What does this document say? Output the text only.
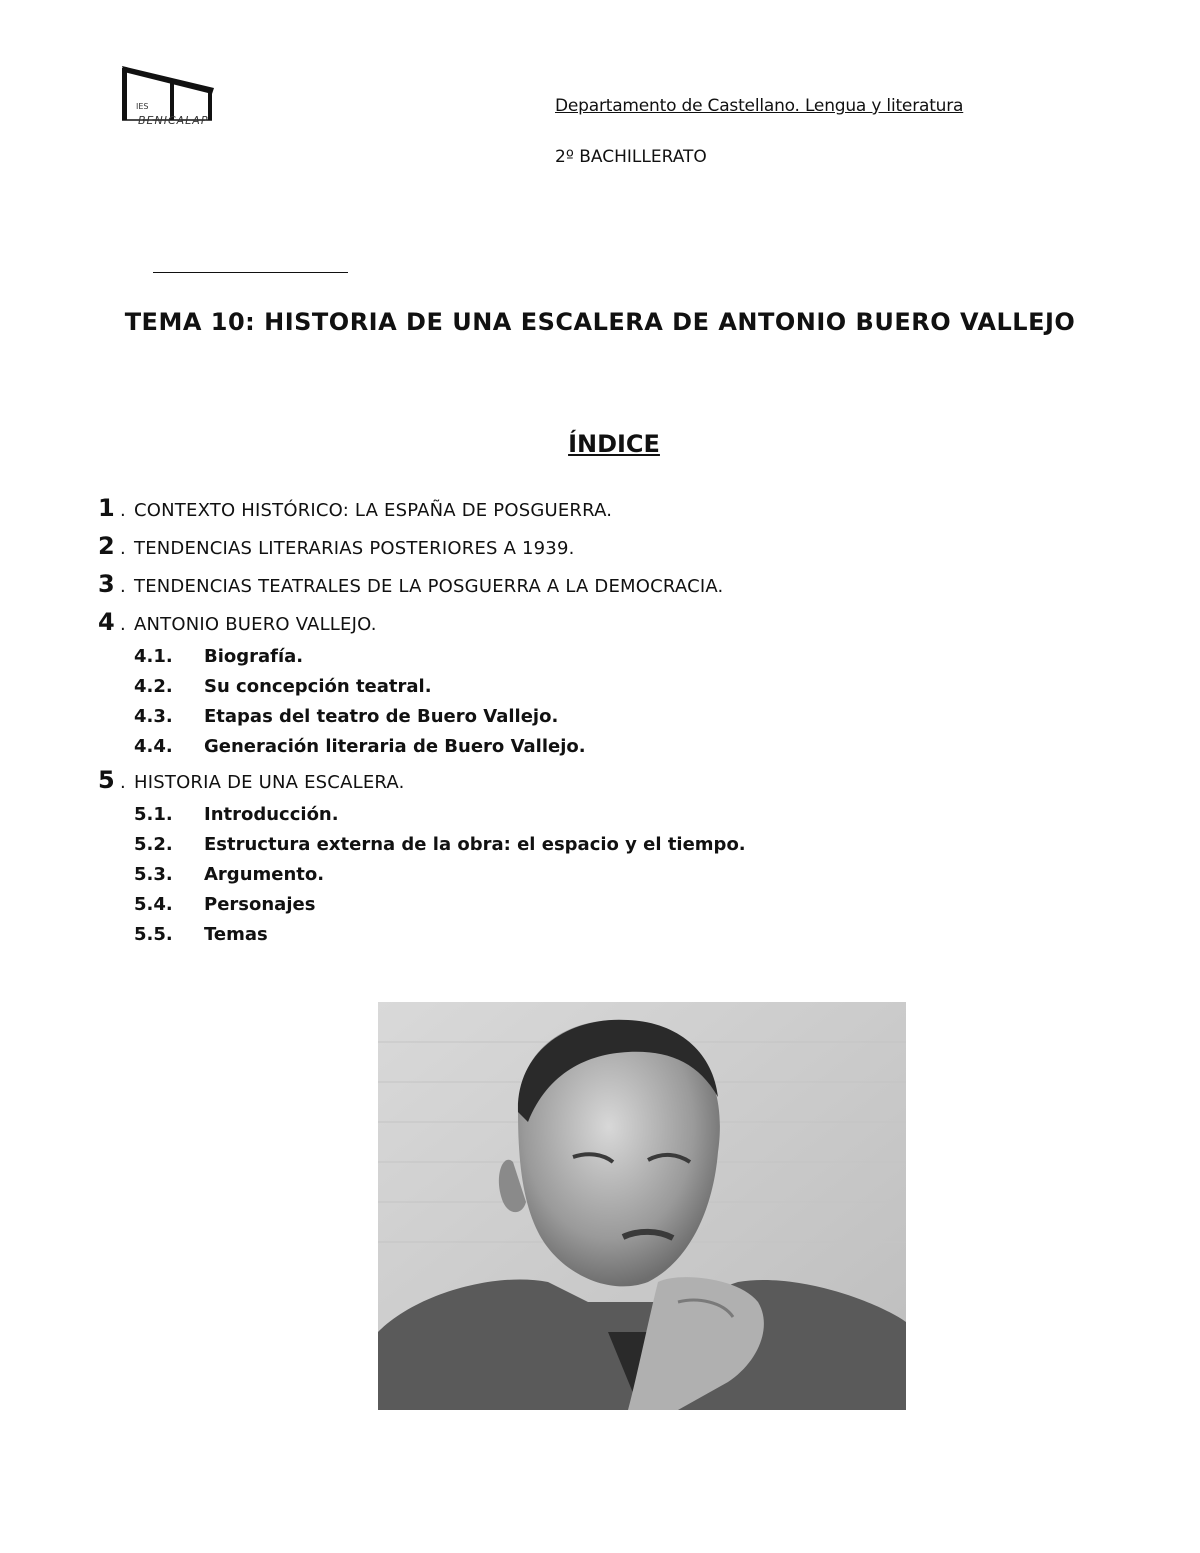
IES
BENICALAP
Departamento de Castellano. Lengua y literatura
2º BACHILLERATO
TEMA 10: HISTORIA DE UNA ESCALERA DE ANTONIO BUERO VALLEJO
ÍNDICE
1 . CONTEXTO HISTÓRICO: LA ESPAÑA DE POSGUERRA.
2 . TENDENCIAS LITERARIAS POSTERIORES A 1939.
3 . TENDENCIAS TEATRALES DE LA POSGUERRA A LA DEMOCRACIA.
4 . ANTONIO BUERO VALLEJO.
4.1.	Biografía.
4.2.	Su concepción teatral.
4.3.	Etapas del teatro de Buero Vallejo.
4.4.	Generación literaria de Buero Vallejo.
5 . HISTORIA DE UNA ESCALERA.
5.1.	Introducción.
5.2.	Estructura externa de la obra: el espacio y el tiempo.
5.3.	Argumento.
5.4.	Personajes
5.5.	Temas
